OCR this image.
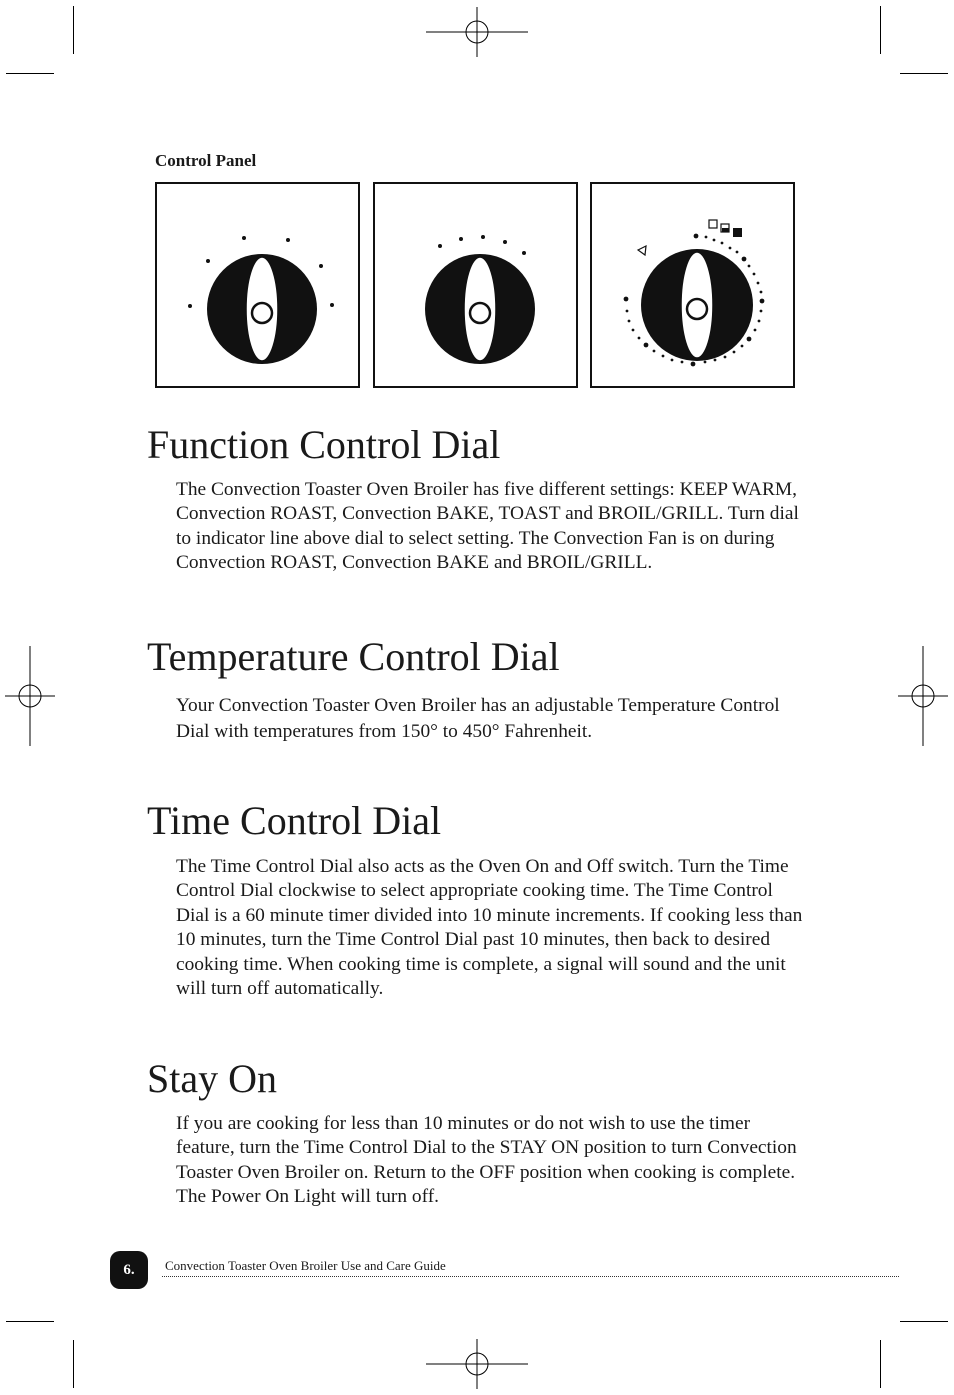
Control Panel
Function Control Dial

The Convection Toaster Oven Broiler has five different settings: KEEP WARM, Convection ROAST, Convection BAKE, TOAST and BROIL/GRILL. Turn dial to indicator line above dial to select setting. The Convection Fan is on during Convection ROAST, Convection BAKE and BROIL/GRILL.

Temperature Control Dial

Your Convection Toaster Oven Broiler has an adjustable Temperature Control Dial with temperatures from 150° to 450° Fahrenheit.

Time Control Dial

The Time Control Dial also acts as the Oven On and Off switch. Turn the Time Control Dial clockwise to select appropriate cooking time. The Time Control Dial is a 60 minute timer divided into 10 minute increments. If cooking less than 10 minutes, turn the Time Control Dial past 10 minutes, then back to desired cooking time. When cooking time is complete, a signal will sound and the unit will turn off automatically.

Stay On

If you are cooking for less than 10 minutes or do not wish to use the timer feature, turn the Time Control Dial to the STAY ON position to turn Convection Toaster Oven Broiler on. Return to the OFF position when cooking is complete. The Power On Light will turn off.

6.	Convection Toaster Oven Broiler Use and Care Guide
